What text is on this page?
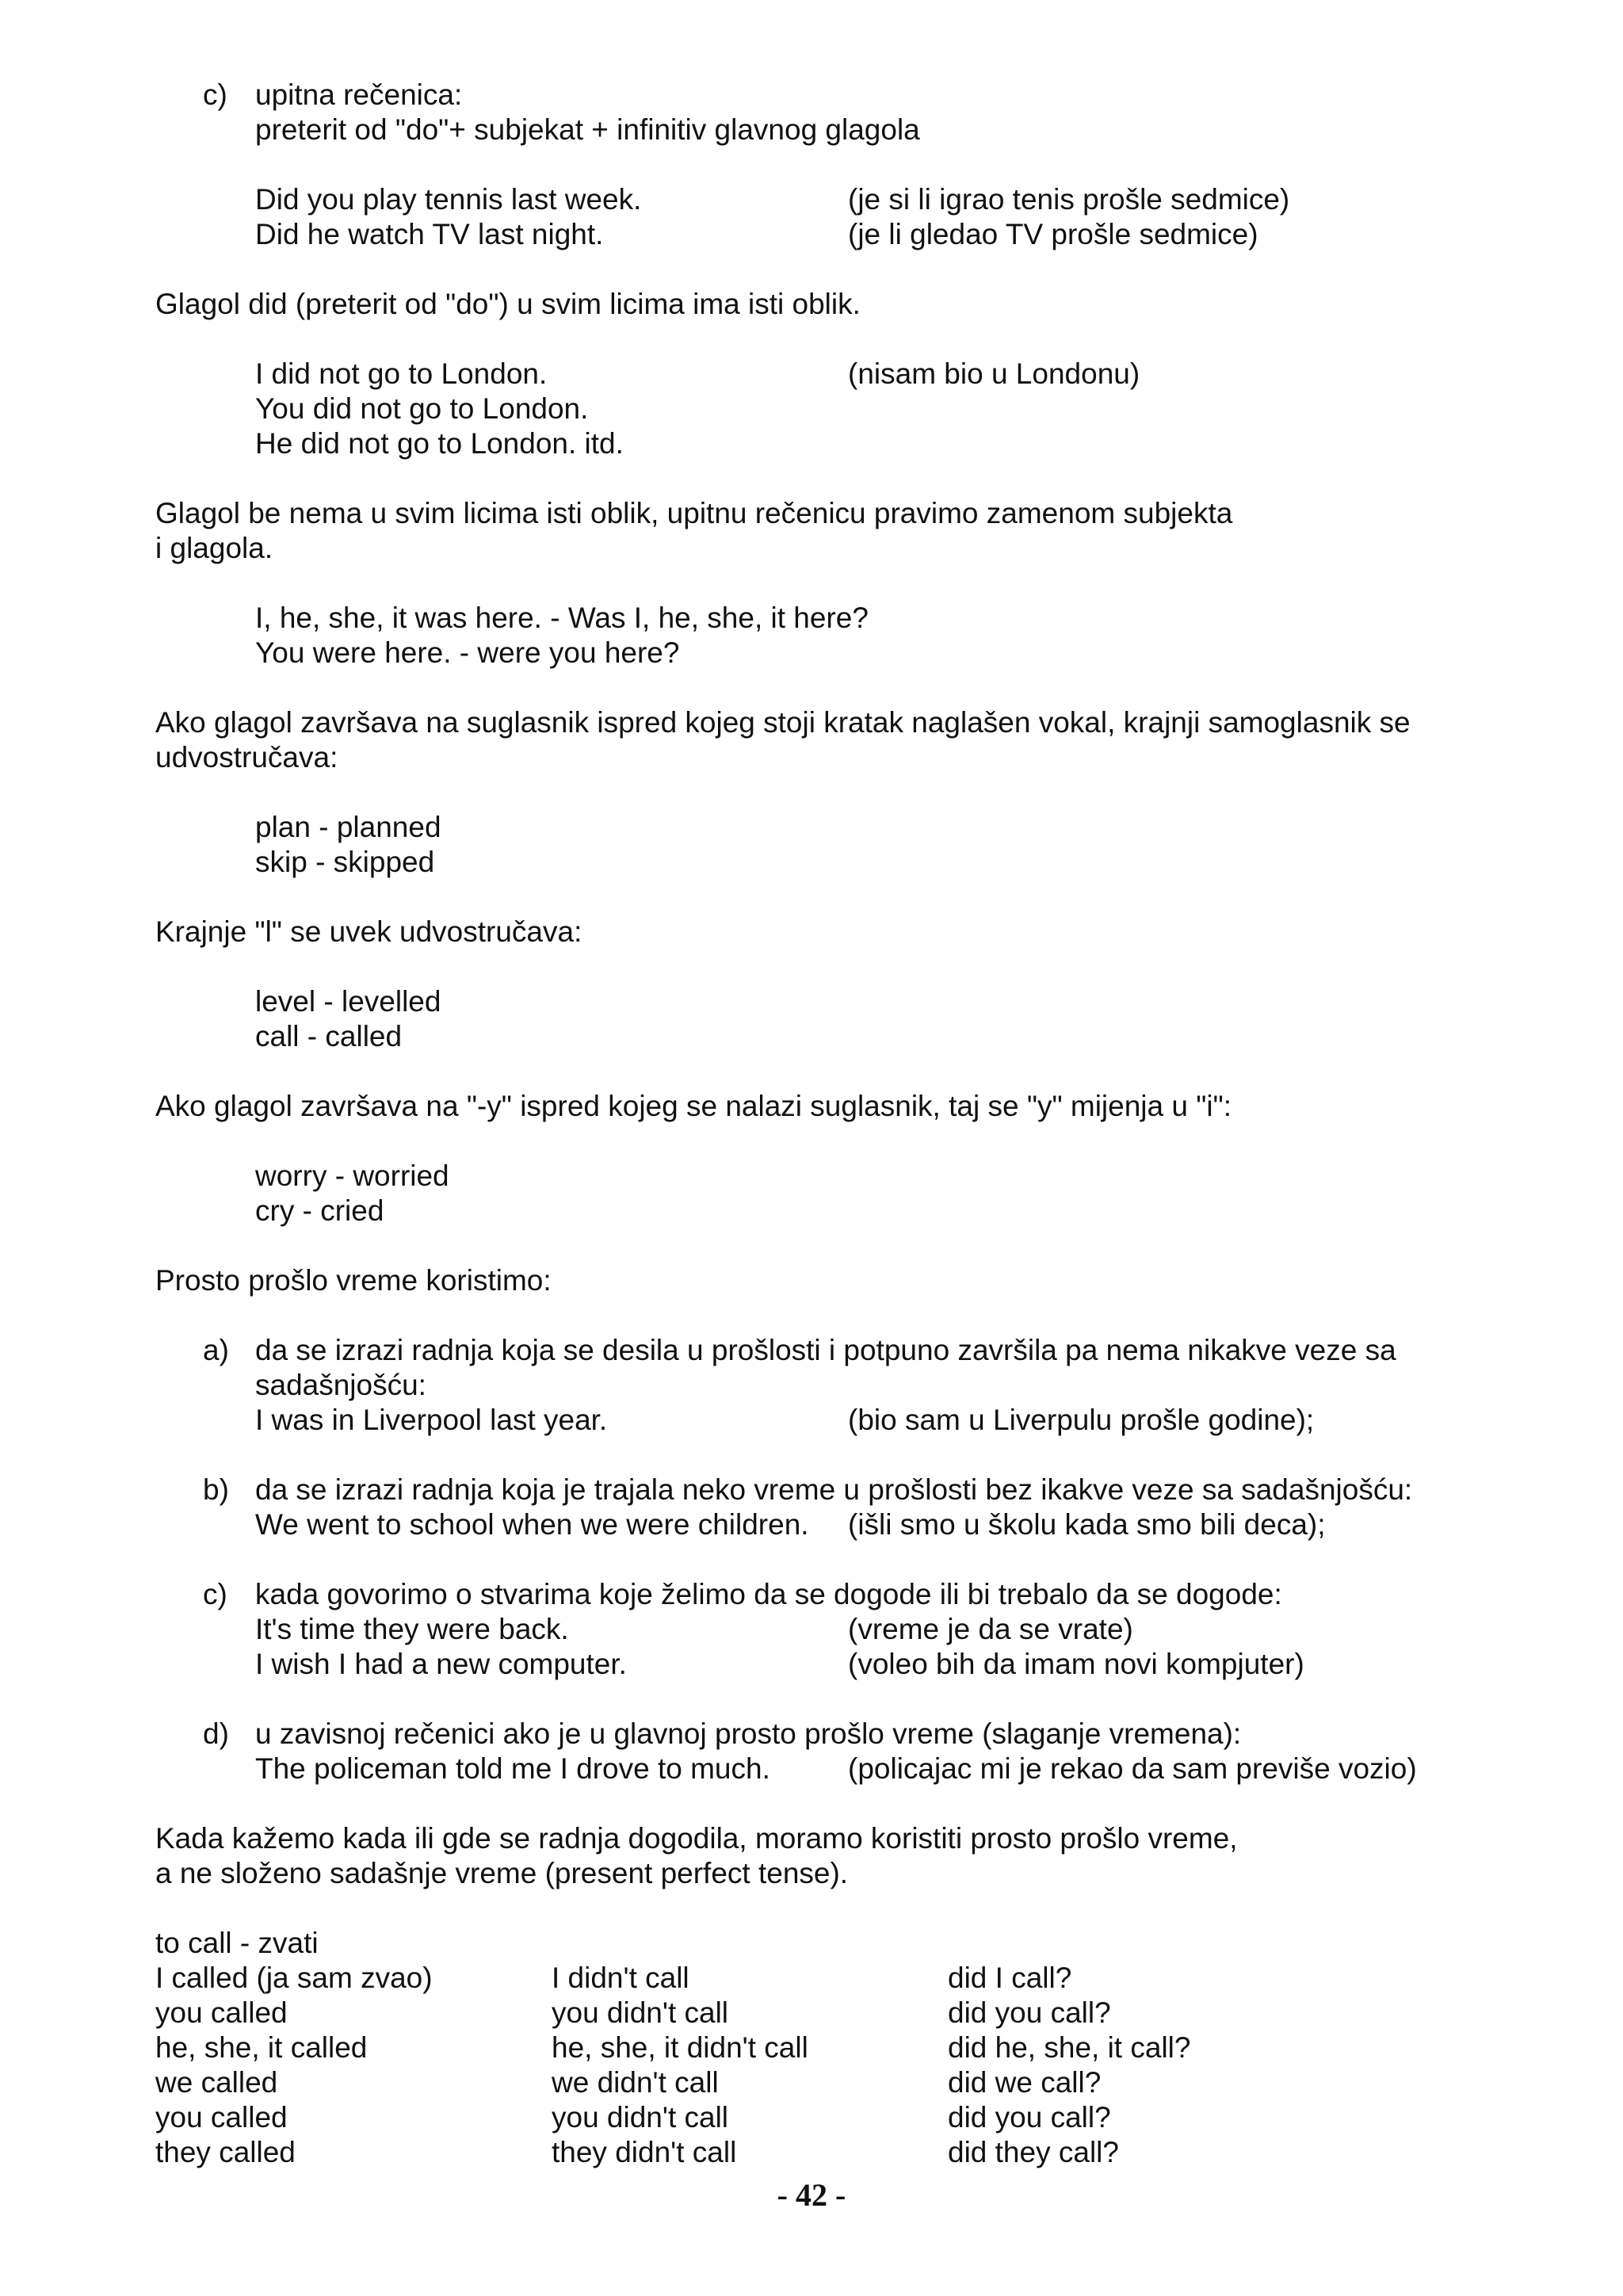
c) upitna rečenica:
preterit od "do"+ subjekat + infinitiv glavnog glagola
Did you play tennis last week.	(je si li igrao tenis prošle sedmice)
Did he watch TV last night.	(je li gledao TV prošle sedmice)
Glagol did (preterit od "do") u svim licima ima isti oblik.
I did not go to London.	(nisam bio u Londonu)
You did not go to London.
He did not go to London. itd.
Glagol be nema u svim licima isti oblik, upitnu rečenicu pravimo zamenom subjekta
i glagola.
I, he, she, it was here. - Was I, he, she, it here?
You were here. - were you here?
Ako glagol završava na suglasnik ispred kojeg stoji kratak naglašen vokal, krajnji samoglasnik se
udvostručava:
plan - planned
skip - skipped
Krajnje "l" se uvek udvostručava:
level - levelled
call - called
Ako glagol završava na "-y" ispred kojeg se nalazi suglasnik, taj se "y" mijenja u "i":
worry - worried
cry - cried
Prosto prošlo vreme koristimo:
a) da se izrazi radnja koja se desila u prošlosti i potpuno završila pa nema nikakve veze sa
sadašnjošću:
I was in Liverpool last year.	(bio sam u Liverpulu prošle godine);
b) da se izrazi radnja koja je trajala neko vreme u prošlosti bez ikakve veze sa sadašnjošću:
We went to school when we were children. (išli smo u školu kada smo bili deca);
c) kada govorimo o stvarima koje želimo da se dogode ili bi trebalo da se dogode:
It's time they were back.	(vreme je da se vrate)
I wish I had a new computer.	(voleo bih da imam novi kompjuter)
d) u zavisnoj rečenici ako je u glavnoj prosto prošlo vreme (slaganje vremena):
The policeman told me I drove to much.	(policajac mi je rekao da sam previše vozio)
Kada kažemo kada ili gde se radnja dogodila, moramo koristiti prosto prošlo vreme,
a ne složeno sadašnje vreme (present perfect tense).
to call - zvati
I called (ja sam zvao)	I didn't call	did I call?
you called	you didn't call	did you call?
he, she, it called	he, she, it didn't call	did he, she, it call?
we called	we didn't call	did we call?
you called	you didn't call	did you call?
they called	they didn't call	did they call?
- 42 -
